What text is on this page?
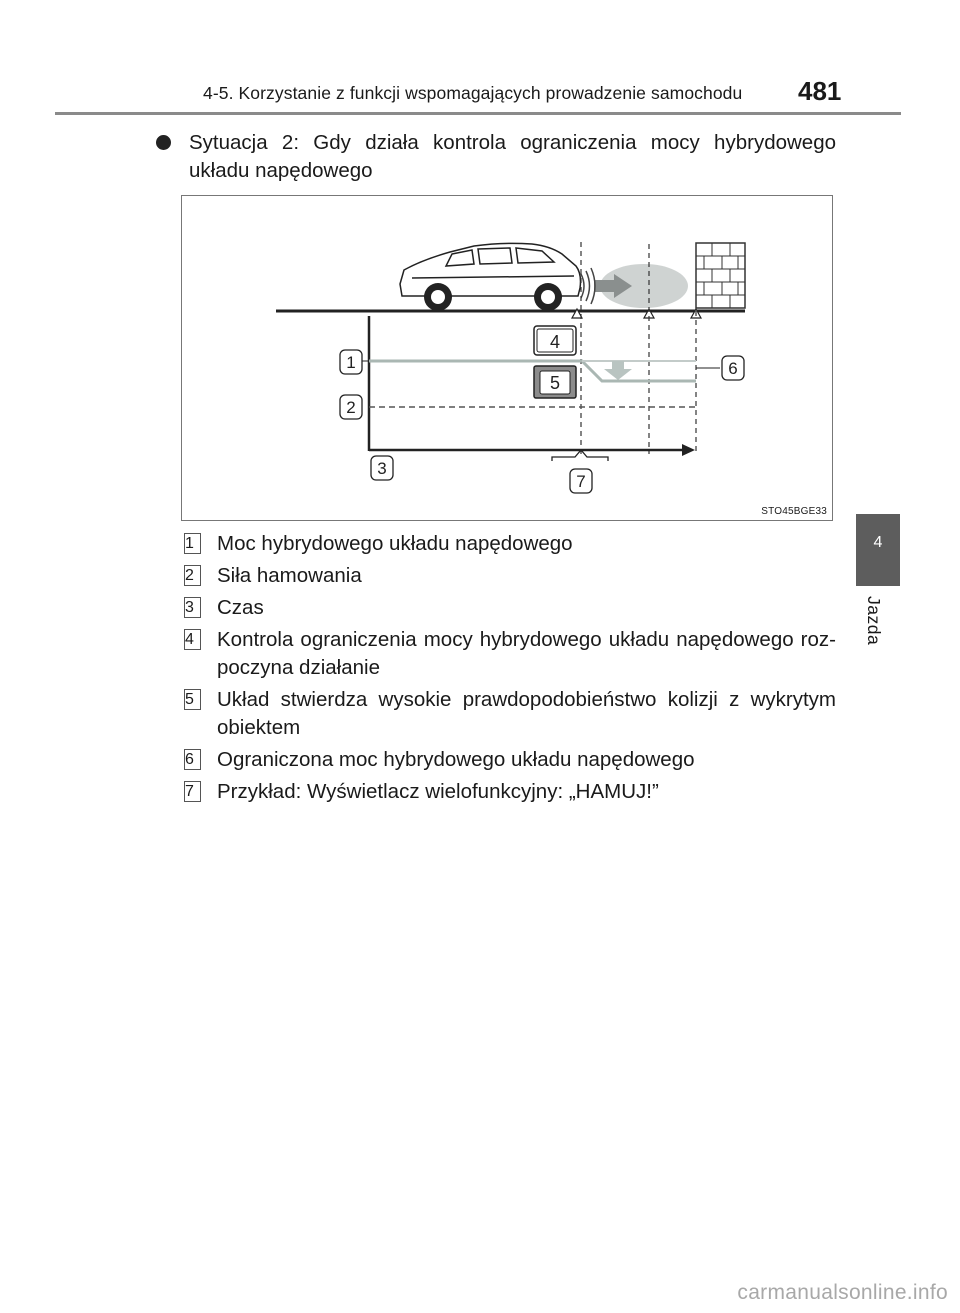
4-5. Korzystanie z funkcji wspomagających prowadzenie samochodu 481
Sytuacja 2: Gdy działa kontrola ograniczenia mocy hybrydowego układu napędowego
4
5
1
2
3
6
7
STO45BGE33
1	Moc hybrydowego układu napędowego
2	Siła hamowania
3	Czas
4	Kontrola ograniczenia mocy hybrydowego układu napędowego roz-poczyna działanie
5	Układ stwierdza wysokie prawdopodobieństwo kolizji z wykrytym obiektem
6	Ograniczona moc hybrydowego układu napędowego
7	Przykład: Wyświetlacz wielofunkcyjny: „HAMUJ!”
4
Jazda
carmanualsonline.info
